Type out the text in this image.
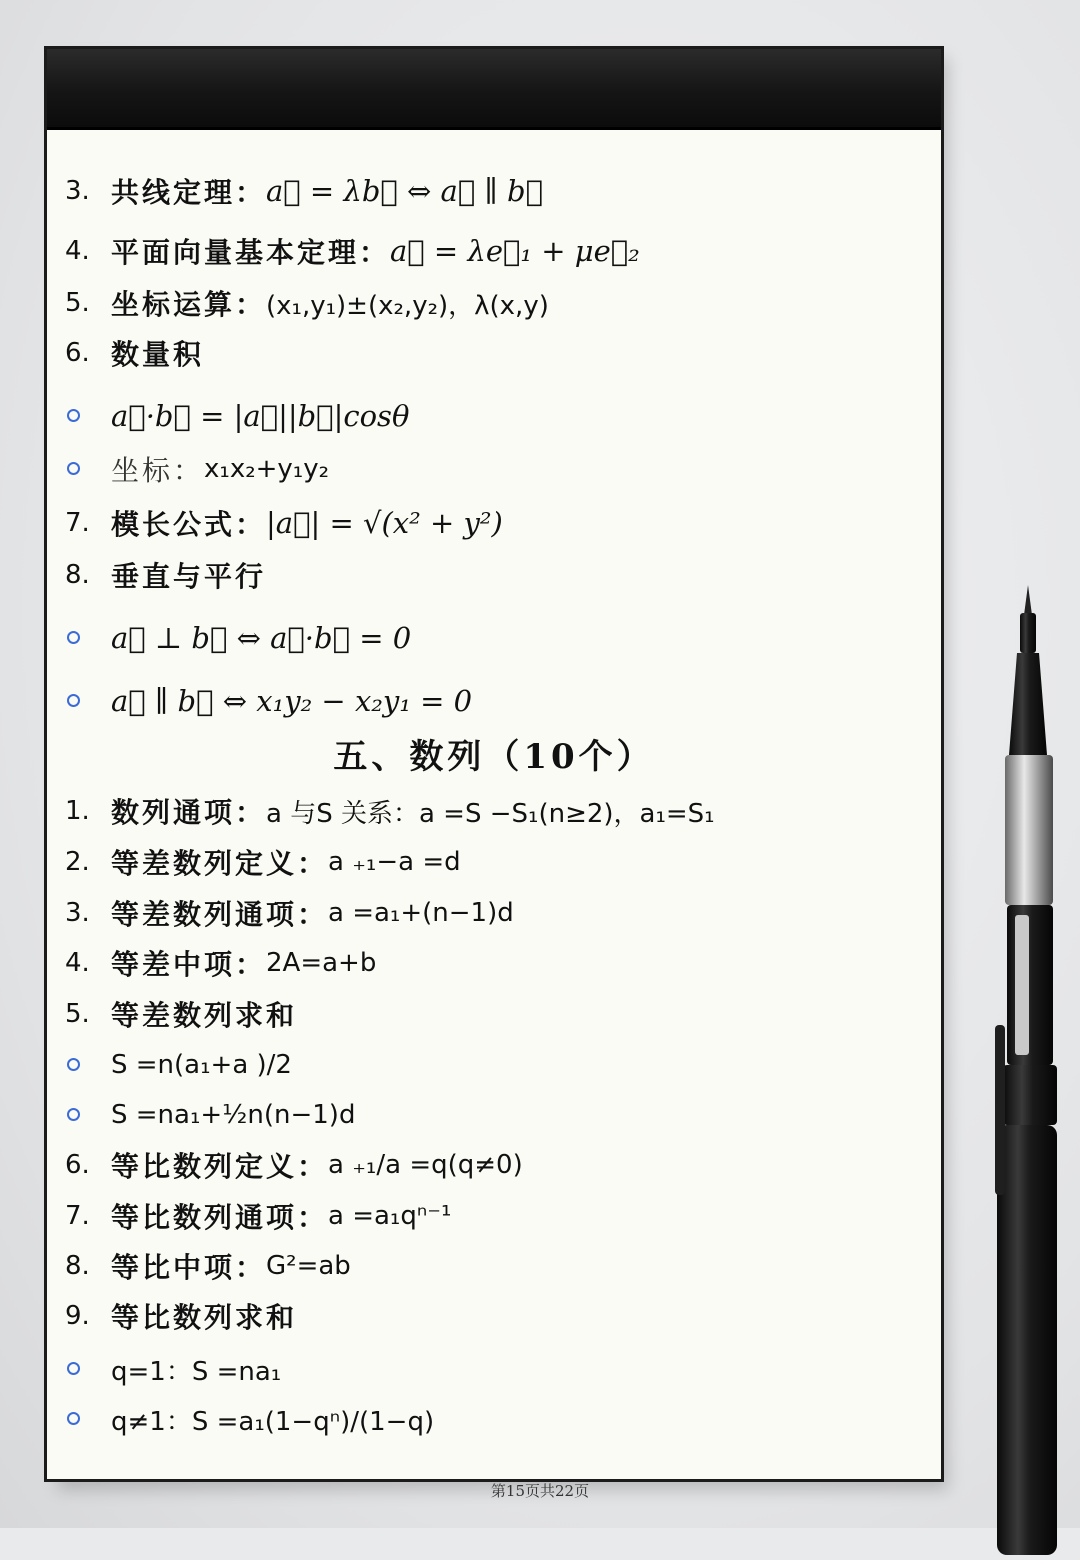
3. 共线定理： a⃗ = λb⃗ ⇔ a⃗ ∥ b⃗
4. 平面向量基本定理： a⃗ = λe⃗₁ + μe⃗₂
5. 坐标运算： (x₁,y₁)±(x₂,y₂)，λ(x,y)
6. 数量积
a⃗·b⃗ = |a⃗||b⃗|cosθ
坐标： x₁x₂+y₁y₂
7. 模长公式： |a⃗| = √(x² + y²)
8. 垂直与平行
a⃗ ⊥ b⃗ ⇔ a⃗·b⃗ = 0
a⃗ ∥ b⃗ ⇔ x₁y₂ − x₂y₁ = 0
五、数列（10个）
1. 数列通项： a 与S 关系：a =S −S₁(n≥2)，a₁=S₁
2. 等差数列定义： a ₊₁−a =d
3. 等差数列通项： a =a₁+(n−1)d
4. 等差中项： 2A=a+b
5. 等差数列求和
S =n(a₁+a )/2
S =na₁+½n(n−1)d
6. 等比数列定义： a ₊₁/a =q(q≠0)
7. 等比数列通项： a =a₁qⁿ⁻¹
8. 等比中项： G²=ab
9. 等比数列求和
q=1：S =na₁
q≠1：S =a₁(1−qⁿ)/(1−q)
第15页共22页
